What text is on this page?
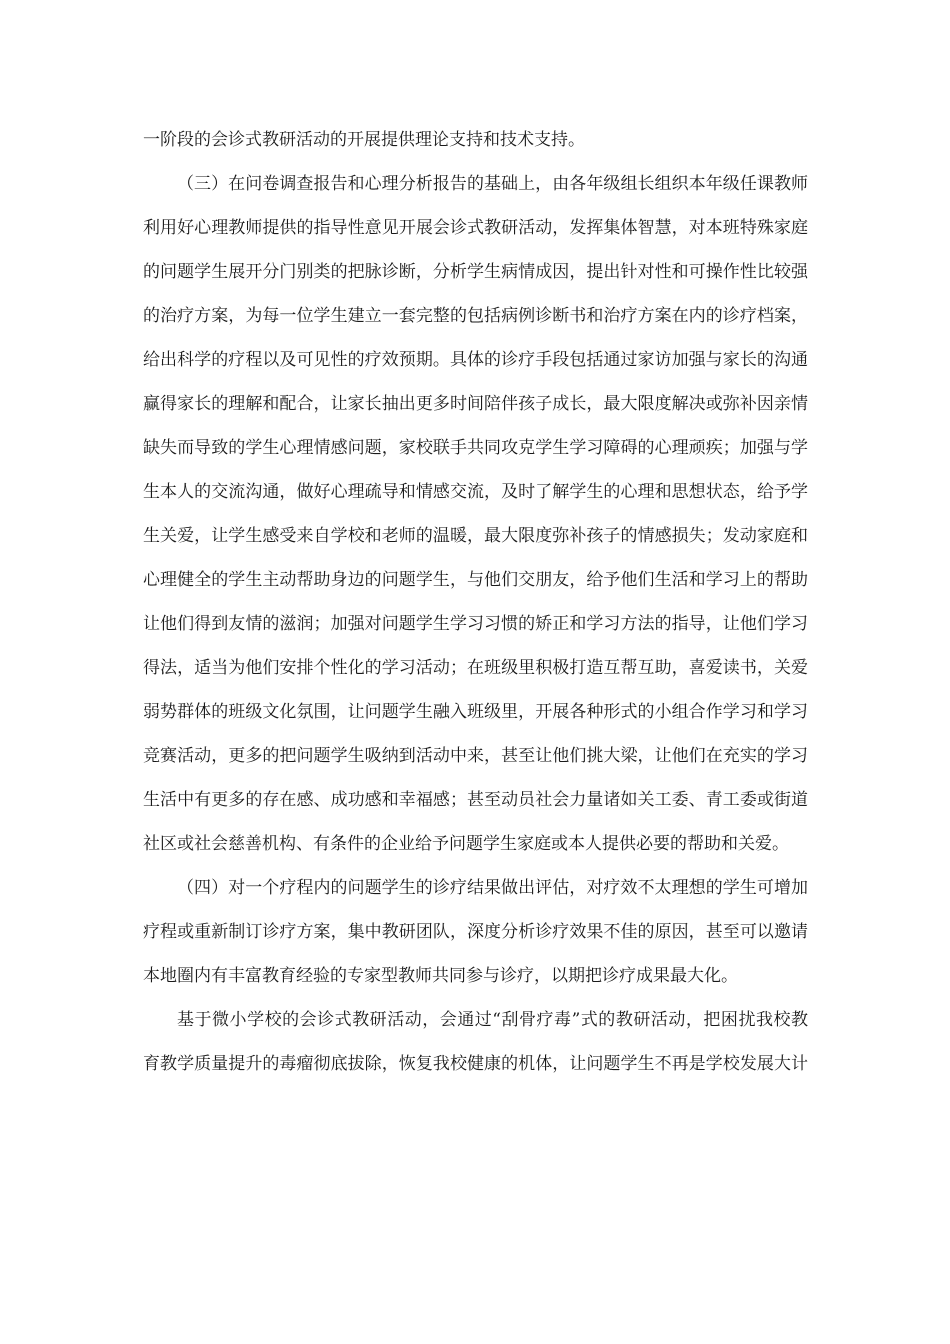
一阶段的会诊式教研活动的开展提供理论支持和技术支持。
（三）在问卷调查报告和心理分析报告的基础上，由各年级组长组织本年级任课教师
利用好心理教师提供的指导性意见开展会诊式教研活动，发挥集体智慧，对本班特殊家庭
的问题学生展开分门别类的把脉诊断，分析学生病情成因，提出针对性和可操作性比较强
的治疗方案，为每一位学生建立一套完整的包括病例诊断书和治疗方案在内的诊疗档案，
给出科学的疗程以及可见性的疗效预期。具体的诊疗手段包括通过家访加强与家长的沟通
赢得家长的理解和配合，让家长抽出更多时间陪伴孩子成长，最大限度解决或弥补因亲情
缺失而导致的学生心理情感问题，家校联手共同攻克学生学习障碍的心理顽疾；加强与学
生本人的交流沟通，做好心理疏导和情感交流，及时了解学生的心理和思想状态，给予学
生关爱，让学生感受来自学校和老师的温暖，最大限度弥补孩子的情感损失；发动家庭和
心理健全的学生主动帮助身边的问题学生，与他们交朋友，给予他们生活和学习上的帮助
让他们得到友情的滋润；加强对问题学生学习习惯的矫正和学习方法的指导，让他们学习
得法，适当为他们安排个性化的学习活动；在班级里积极打造互帮互助，喜爱读书，关爱
弱势群体的班级文化氛围，让问题学生融入班级里，开展各种形式的小组合作学习和学习
竞赛活动，更多的把问题学生吸纳到活动中来，甚至让他们挑大梁，让他们在充实的学习
生活中有更多的存在感、成功感和幸福感；甚至动员社会力量诸如关工委、青工委或街道
社区或社会慈善机构、有条件的企业给予问题学生家庭或本人提供必要的帮助和关爱。
（四）对一个疗程内的问题学生的诊疗结果做出评估，对疗效不太理想的学生可增加
疗程或重新制订诊疗方案，集中教研团队，深度分析诊疗效果不佳的原因，甚至可以邀请
本地圈内有丰富教育经验的专家型教师共同参与诊疗，以期把诊疗成果最大化。
基于微小学校的会诊式教研活动，会通过“刮骨疗毒”式的教研活动，把困扰我校教
育教学质量提升的毒瘤彻底拔除，恢复我校健康的机体，让问题学生不再是学校发展大计
